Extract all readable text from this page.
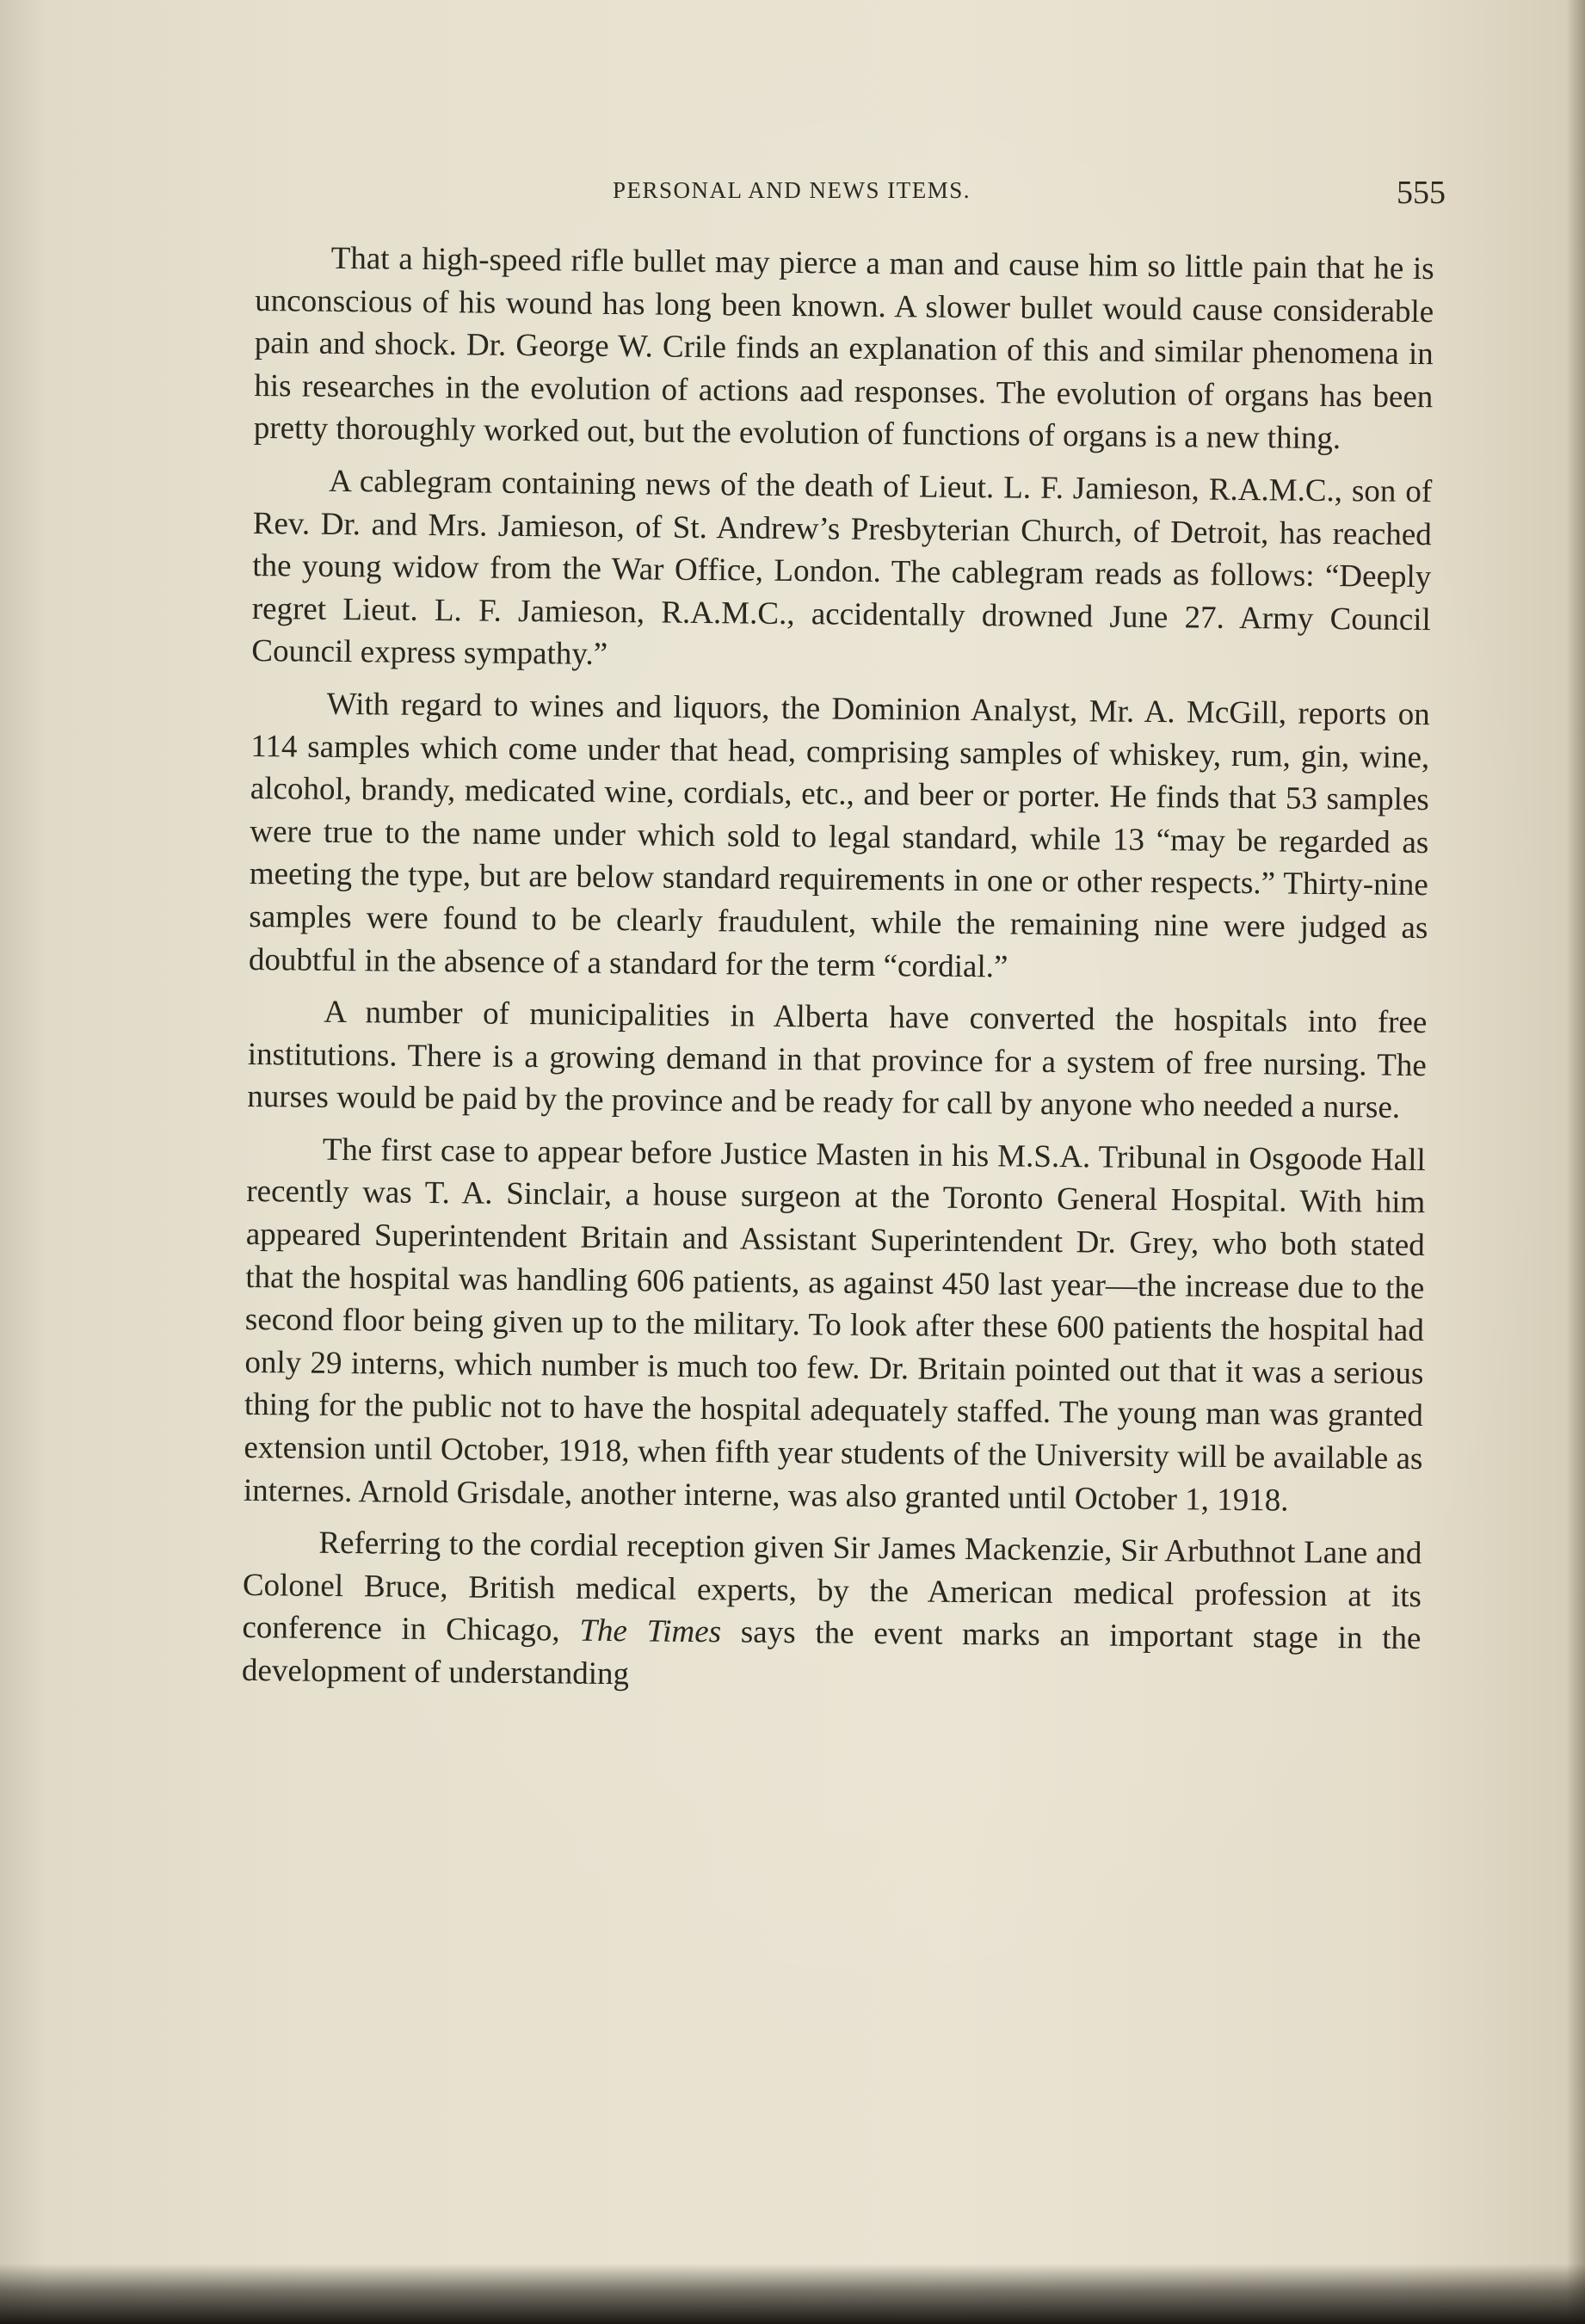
PERSONAL AND NEWS ITEMS.	555

That a high-speed rifle bullet may pierce a man and cause him so little pain that he is unconscious of his wound has long been known. A slower bullet would cause considerable pain and shock. Dr. George W. Crile finds an explanation of this and similar phenomena in his researches in the evolution of actions aad responses. The evolution of organs has been pretty thoroughly worked out, but the evolution of functions of organs is a new thing.

A cablegram containing news of the death of Lieut. L. F. Jamieson, R.A.M.C., son of Rev. Dr. and Mrs. Jamieson, of St. Andrew’s Presbyterian Church, of Detroit, has reached the young widow from the War Office, London. The cablegram reads as follows: “Deeply regret Lieut. L. F. Jamieson, R.A.M.C., accidentally drowned June 27. Army Council Council express sympathy.”

With regard to wines and liquors, the Dominion Analyst, Mr. A. McGill, reports on 114 samples which come under that head, comprising samples of whiskey, rum, gin, wine, alcohol, brandy, medicated wine, cordials, etc., and beer or porter. He finds that 53 samples were true to the name under which sold to legal standard, while 13 “may be regarded as meeting the type, but are below standard requirements in one or other respects.” Thirty-nine samples were found to be clearly fraudulent, while the remaining nine were judged as doubtful in the absence of a standard for the term “cordial.”

A number of municipalities in Alberta have converted the hospitals into free institutions. There is a growing demand in that province for a system of free nursing. The nurses would be paid by the province and be ready for call by anyone who needed a nurse.

The first case to appear before Justice Masten in his M.S.A. Tribunal in Osgoode Hall recently was T. A. Sinclair, a house surgeon at the Toronto General Hospital. With him appeared Superintendent Britain and Assistant Superintendent Dr. Grey, who both stated that the hospital was handling 606 patients, as against 450 last year—the increase due to the second floor being given up to the military. To look after these 600 patients the hospital had only 29 interns, which number is much too few. Dr. Britain pointed out that it was a serious thing for the public not to have the hospital adequately staffed. The young man was granted extension until October, 1918, when fifth year students of the University will be available as internes. Arnold Grisdale, another interne, was also granted until October 1, 1918.

Referring to the cordial reception given Sir James Mackenzie, Sir Arbuthnot Lane and Colonel Bruce, British medical experts, by the American medical profession at its conference in Chicago, The Times says the event marks an important stage in the development of understanding
